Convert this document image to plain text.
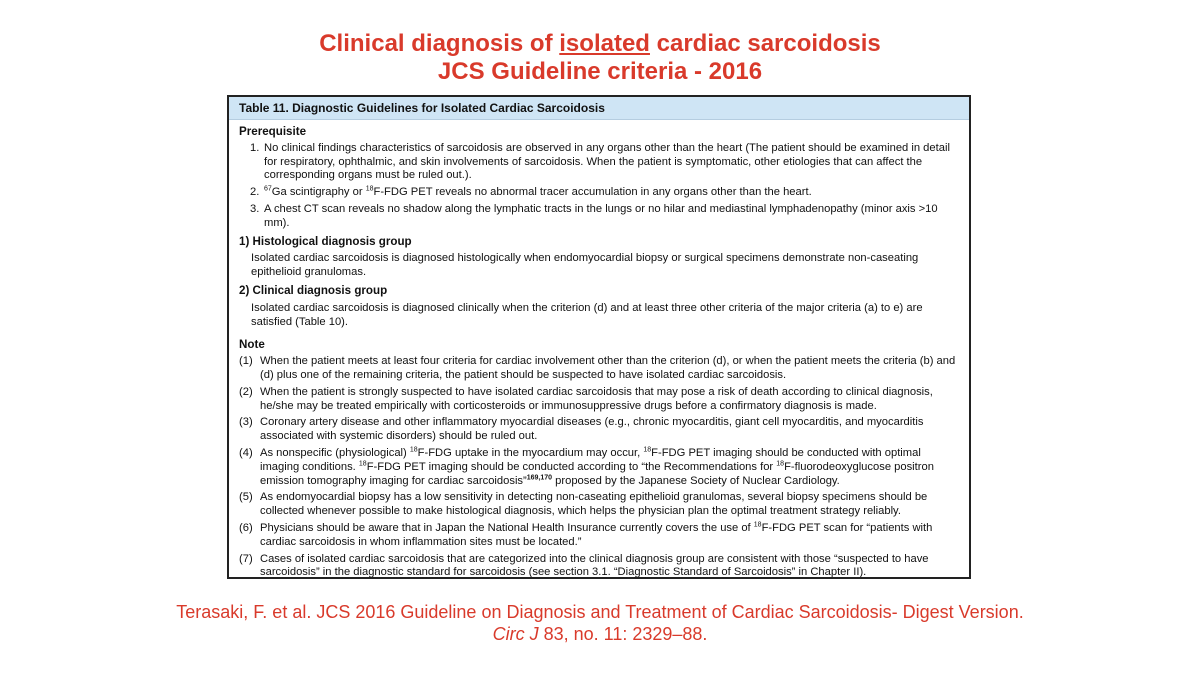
Clinical diagnosis of isolated cardiac sarcoidosis
JCS Guideline criteria - 2016
Table 11. Diagnostic Guidelines for Isolated Cardiac Sarcoidosis
Prerequisite
1. No clinical findings characteristics of sarcoidosis are observed in any organs other than the heart (The patient should be examined in detail for respiratory, ophthalmic, and skin involvements of sarcoidosis. When the patient is symptomatic, other etiologies that can affect the corresponding organs must be ruled out.).
2. $^{67}$Ga scintigraphy or $^{18}$F-FDG PET reveals no abnormal tracer accumulation in any organs other than the heart.
3. A chest CT scan reveals no shadow along the lymphatic tracts in the lungs or no hilar and mediastinal lymphadenopathy (minor axis >10 mm).
1) Histological diagnosis group
Isolated cardiac sarcoidosis is diagnosed histologically when endomyocardial biopsy or surgical specimens demonstrate non-caseating epithelioid granulomas.
2) Clinical diagnosis group
Isolated cardiac sarcoidosis is diagnosed clinically when the criterion (d) and at least three other criteria of the major criteria (a) to e) are satisfied (Table 10).
Note
(1) When the patient meets at least four criteria for cardiac involvement other than the criterion (d), or when the patient meets the criteria (b) and (d) plus one of the remaining criteria, the patient should be suspected to have isolated cardiac sarcoidosis.
(2) When the patient is strongly suspected to have isolated cardiac sarcoidosis that may pose a risk of death according to clinical diagnosis, he/she may be treated empirically with corticosteroids or immunosuppressive drugs before a confirmatory diagnosis is made.
(3) Coronary artery disease and other inflammatory myocardial diseases (e.g., chronic myocarditis, giant cell myocarditis, and myocarditis associated with systemic disorders) should be ruled out.
(4) As nonspecific (physiological) $^{18}$F-FDG uptake in the myocardium may occur, $^{18}$F-FDG PET imaging should be conducted with optimal imaging conditions. $^{18}$F-FDG PET imaging should be conducted according to “the Recommendations for $^{18}$F-fluorodeoxyglucose positron emission tomography imaging for cardiac sarcoidosis”$^{169,170}$ proposed by the Japanese Society of Nuclear Cardiology.
(5) As endomyocardial biopsy has a low sensitivity in detecting non-caseating epithelioid granulomas, several biopsy specimens should be collected whenever possible to make histological diagnosis, which helps the physician plan the optimal treatment strategy reliably.
(6) Physicians should be aware that in Japan the National Health Insurance currently covers the use of $^{18}$F-FDG PET scan for “patients with cardiac sarcoidosis in whom inflammation sites must be located.”
(7) Cases of isolated cardiac sarcoidosis that are categorized into the clinical diagnosis group are consistent with those “suspected to have sarcoidosis” in the diagnostic standard for sarcoidosis (see section 3.1. “Diagnostic Standard of Sarcoidosis” in Chapter II).
Terasaki, F. et al. JCS 2016 Guideline on Diagnosis and Treatment of Cardiac Sarcoidosis- Digest Version.
Circ J 83, no. 11: 2329–88.
